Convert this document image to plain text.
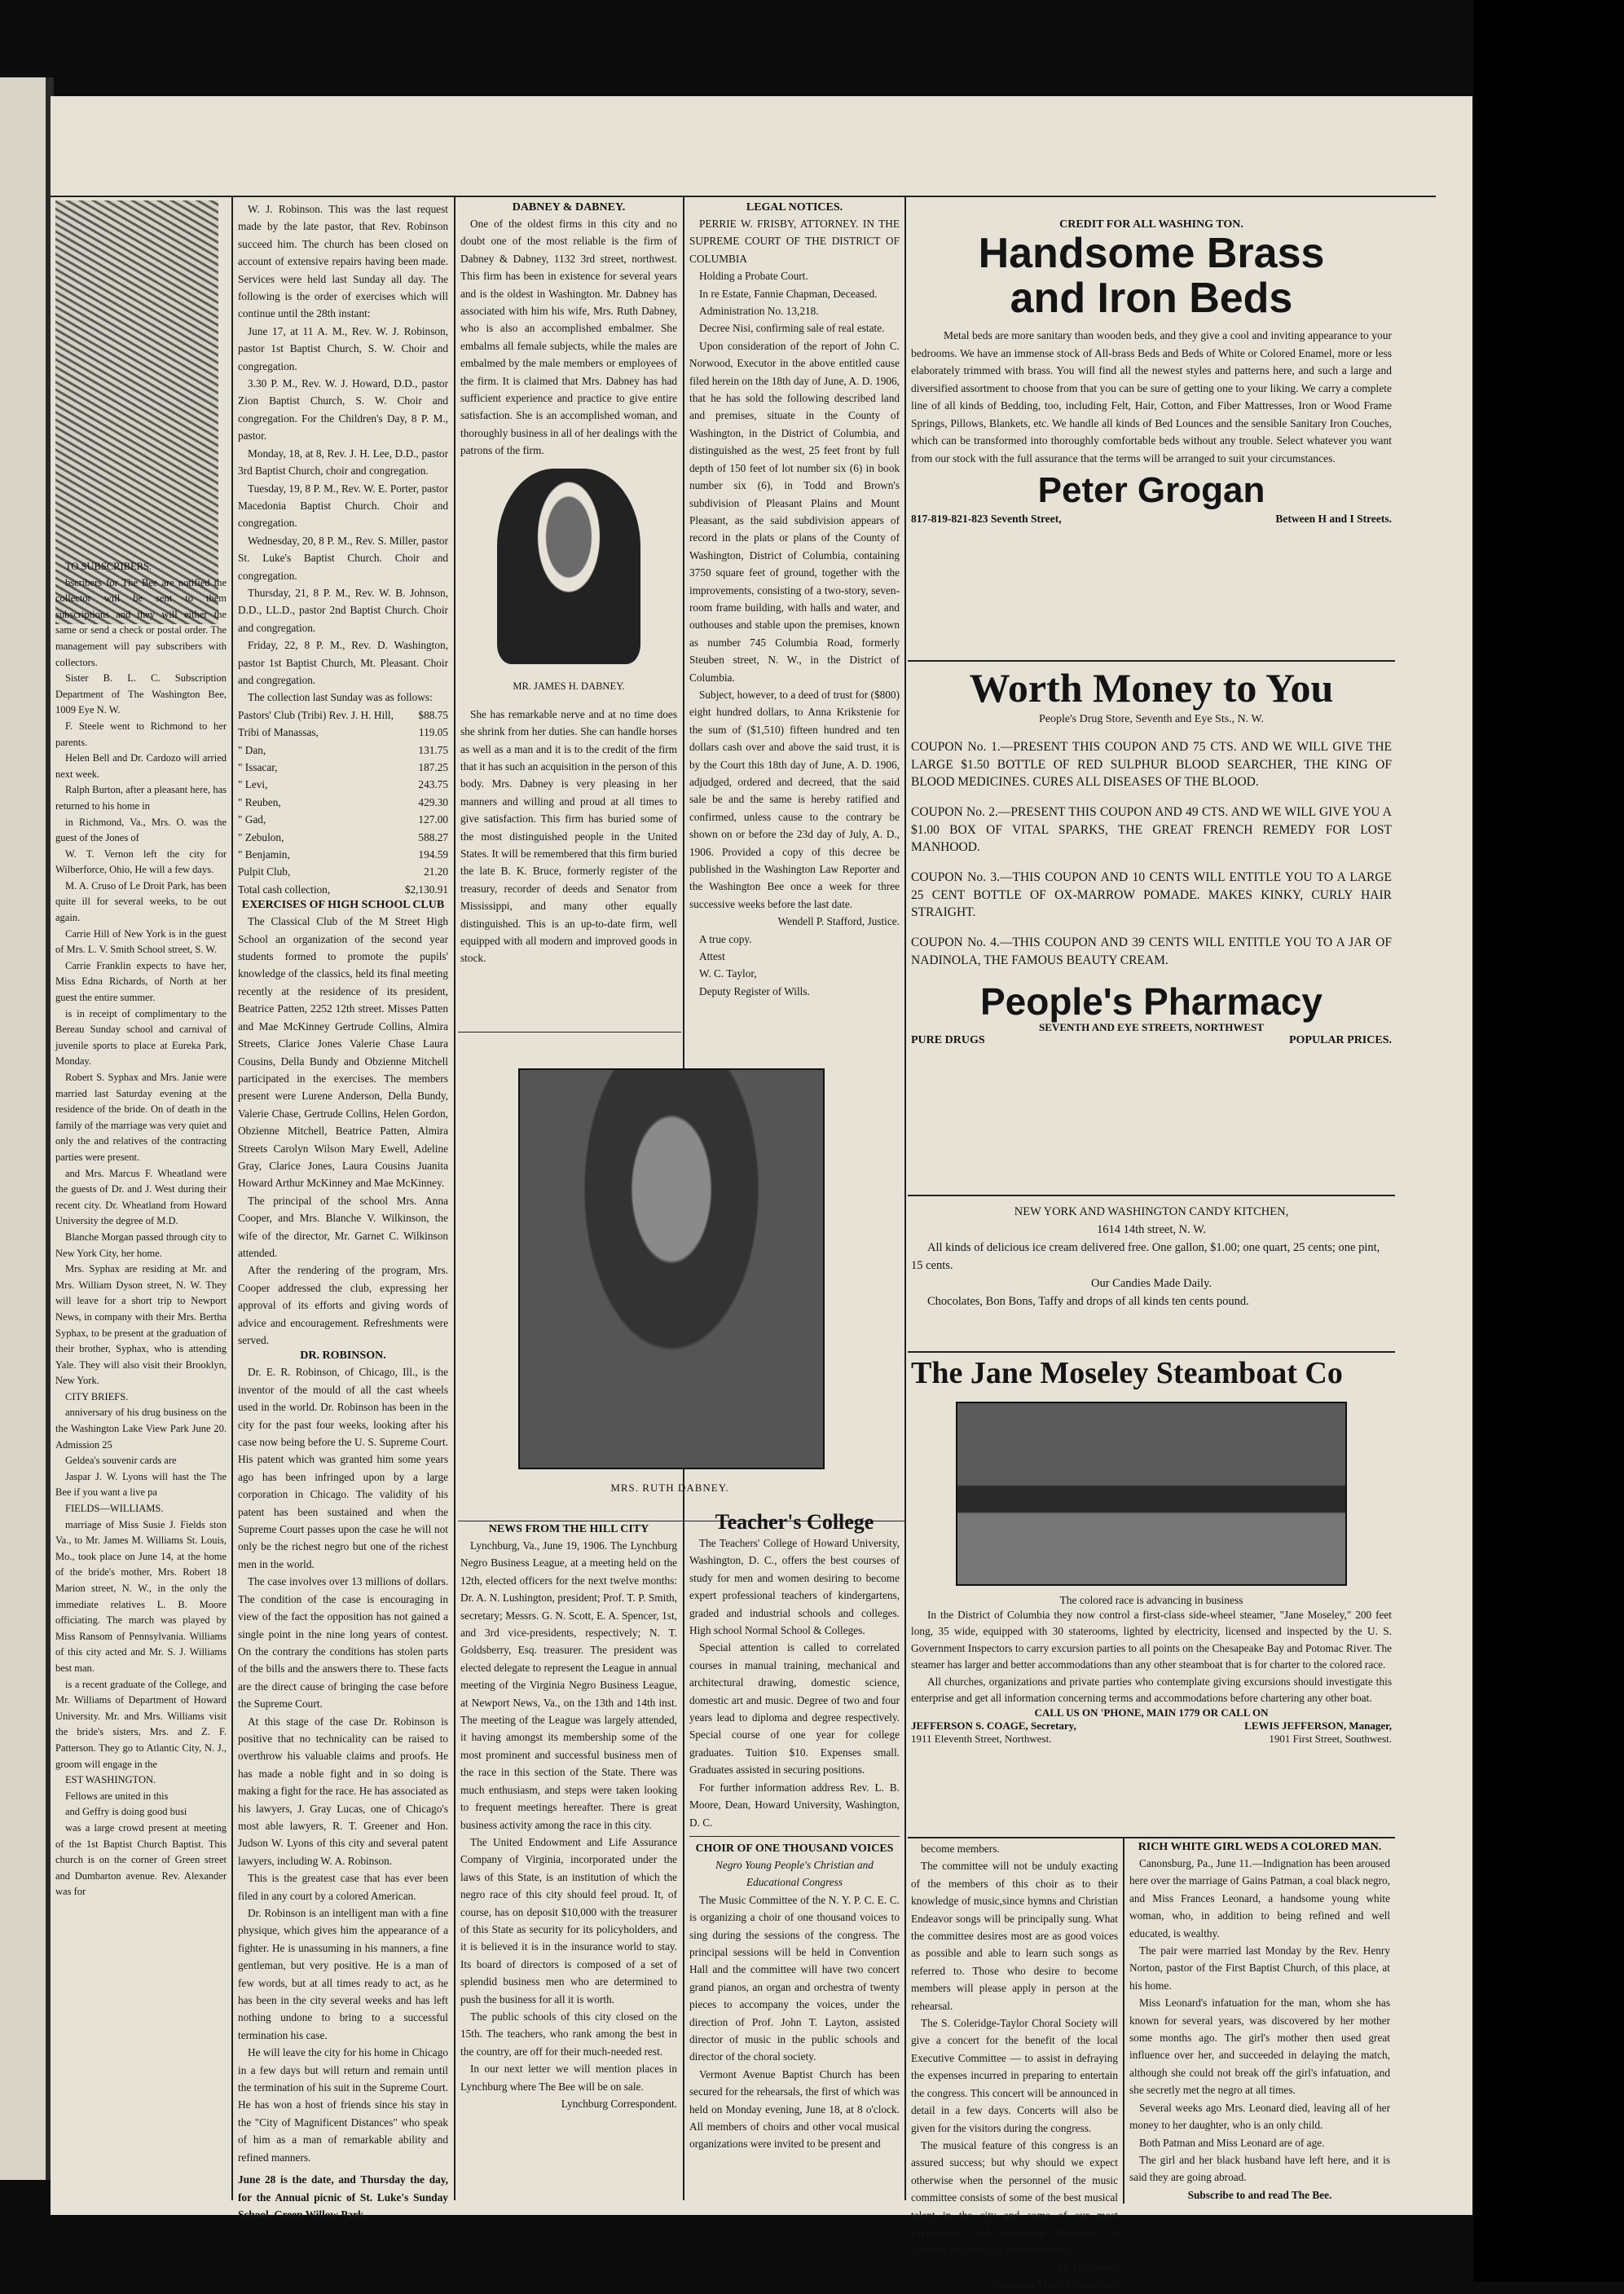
TO SUBSCRIBERS.

bscribers for The Bee are notified the collector will be sent to them subscriptions and they will either the same or send a check or postal order. The management will pay subscribers with collectors.

Sister B. L. C. Subscription Department of The Washington Bee, 1009 Eye N. W.

F. Steele went to Richmond to her parents.

Helen Bell and Dr. Cardozo will arried next week.

Ralph Burton, after a pleasant here, has returned to his home in

in Richmond, Va., Mrs. O. was the guest of the Jones of

W. T. Vernon left the city for Wilberforce, Ohio, He will a few days.

M. A. Cruso of Le Droit Park, has been quite ill for several weeks, to be out again.

Carrie Hill of New York is in the guest of Mrs. L. V. Smith School street, S. W.

Carrie Franklin expects to have her, Miss Edna Richards, of North at her guest the entire summer.

is in receipt of complimentary to the Bereau Sunday school and carnival of juvenile sports to place at Eureka Park, Monday.

Robert S. Syphax and Mrs. Janie were married last Saturday evening at the residence of the bride. On of death in the family of the marriage was very quiet and only the and relatives of the contracting parties were present.

and Mrs. Marcus F. Wheatland were the guests of Dr. and J. West during their recent city. Dr. Wheatland from Howard University the degree of M.D.

Blanche Morgan passed through city to New York City, her home.

Mrs. Syphax are residing at Mr. and Mrs. William Dyson street, N. W. They will leave for a short trip to Newport News, in company with their Mrs. Bertha Syphax, to be present at the graduation of their brother, Syphax, who is attending Yale. They will also visit their Brooklyn, New York.

CITY BRIEFS.

anniversary of his drug business on the the Washington Lake View Park June 20. Admission 25

Geldea's souvenir cards are

Jaspar J. W. Lyons will hast the The Bee if you want a live pa

FIELDS—WILLIAMS.

marriage of Miss Susie J. Fields ston Va., to Mr. James M. Williams St. Louis, Mo., took place on June 14, at the home of the bride's mother, Mrs. Robert 18 Marion street, N. W., in the only the immediate relatives L. B. Moore officiating. The march was played by Miss Ransom of Pennsylvania. Williams of this city acted and Mr. S. J. Williams best man.

is a recent graduate of the College, and Mr. Williams of Department of Howard University. Mr. and Mrs. Williams visit the bride's sisters, Mrs. and Z. F. Patterson. They go to Atlantic City, N. J., groom will engage in the

EST WASHINGTON.

Fellows are united in this

and Geffry is doing good busi

was a large crowd present at meeting of the 1st Baptist Church Baptist. This church is on the corner of Green street and Dumbarton avenue. Rev. Alexander was for

W. J. Robinson. This was the last request made by the late pastor, that Rev. Robinson succeed him. The church has been closed on account of extensive repairs having been made. Services were held last Sunday all day. The following is the order of exercises which will continue until the 28th instant:

June 17, at 11 A. M., Rev. W. J. Robinson, pastor 1st Baptist Church, S. W. Choir and congregation.

3.30 P. M., Rev. W. J. Howard, D.D., pastor Zion Baptist Church, S. W. Choir and congregation. For the Children's Day, 8 P. M., pastor.

Monday, 18, at 8, Rev. J. H. Lee, D.D., pastor 3rd Baptist Church, choir and congregation.

Tuesday, 19, 8 P. M., Rev. W. E. Porter, pastor Macedonia Baptist Church. Choir and congregation.

Wednesday, 20, 8 P. M., Rev. S. Miller, pastor St. Luke's Baptist Church. Choir and congregation.

Thursday, 21, 8 P. M., Rev. W. B. Johnson, D.D., LL.D., pastor 2nd Baptist Church. Choir and congregation.

Friday, 22, 8 P. M., Rev. D. Washington, pastor 1st Baptist Church, Mt. Pleasant. Choir and congregation.

The collection last Sunday was as follows:

Pastors' Club (Tribi) Rev. J. H. Hill,	$88.75
Tribi of Manassas,	119.05
" Dan,	131.75
" Issacar,	187.25
" Levi,	243.75
" Reuben,	429.30
" Gad,	127.00
" Zebulon,	588.27
" Benjamin,	194.59
Pulpit Club,	21.20
Total cash collection,	$2,130.91

EXERCISES OF HIGH SCHOOL CLUB

The Classical Club of the M Street High School an organization of the second year students formed to promote the pupils' knowledge of the classics, held its final meeting recently at the residence of its president, Beatrice Patten, 2252 12th street. Misses Patten and Mae McKinney Gertrude Collins, Almira Streets, Clarice Jones Valerie Chase Laura Cousins, Della Bundy and Obzienne Mitchell participated in the exercises. The members present were Lurene Anderson, Della Bundy, Valerie Chase, Gertrude Collins, Helen Gordon, Obzienne Mitchell, Beatrice Patten, Almira Streets Carolyn Wilson Mary Ewell, Adeline Gray, Clarice Jones, Laura Cousins Juanita Howard Arthur McKinney and Mae McKinney.

The principal of the school Mrs. Anna Cooper, and Mrs. Blanche V. Wilkinson, the wife of the director, Mr. Garnet C. Wilkinson attended.

After the rendering of the program, Mrs. Cooper addressed the club, expressing her approval of its efforts and giving words of advice and encouragement. Refreshments were served.

DR. ROBINSON.

Dr. E. R. Robinson, of Chicago, Ill., is the inventor of the mould of all the cast wheels used in the world. Dr. Robinson has been in the city for the past four weeks, looking after his case now being before the U. S. Supreme Court. His patent which was granted him some years ago has been infringed upon by a large corporation in Chicago. The validity of his patent has been sustained and when the Supreme Court passes upon the case he will not only be the richest negro but one of the richest men in the world.

The case involves over 13 millions of dollars. The condition of the case is encouraging in view of the fact the opposition has not gained a single point in the nine long years of contest. On the contrary the conditions has stolen parts of the bills and the answers there to. These facts are the direct cause of bringing the case before the Supreme Court.

At this stage of the case Dr. Robinson is positive that no technicality can be raised to overthrow his valuable claims and proofs. He has made a noble fight and in so doing is making a fight for the race. He has associated as his lawyers, J. Gray Lucas, one of Chicago's most able lawyers, R. T. Greener and Hon. Judson W. Lyons of this city and several patent lawyers, including W. A. Robinson.

This is the greatest case that has ever been filed in any court by a colored American.

Dr. Robinson is an intelligent man with a fine physique, which gives him the appearance of a fighter. He is unassuming in his manners, a fine gentleman, but very positive. He is a man of few words, but at all times ready to act, as he has been in the city several weeks and has left nothing undone to bring to a successful termination his case.

He will leave the city for his home in Chicago in a few days but will return and remain until the termination of his suit in the Supreme Court. He has won a host of friends since his stay in the "City of Magnificent Distances" who speak of him as a man of remarkable ability and refined manners.

June 28 is the date, and Thursday the day, for the Annual picnic of St. Luke's Sunday School. Green Willow Park.

DABNEY & DABNEY.

One of the oldest firms in this city and no doubt one of the most reliable is the firm of Dabney & Dabney, 1132 3rd street, northwest. This firm has been in existence for several years and is the oldest in Washington. Mr. Dabney has associated with him his wife, Mrs. Ruth Dabney, who is also an accomplished embalmer. She embalms all female subjects, while the males are embalmed by the male members or employees of the firm. It is claimed that Mrs. Dabney has had sufficient experience and practice to give entire satisfaction. She is an accomplished woman, and thoroughly business in all of her dealings with the patrons of the firm.

MR. JAMES H. DABNEY.

She has remarkable nerve and at no time does she shrink from her duties. She can handle horses as well as a man and it is to the credit of the firm that it has such an acquisition in the person of this body. Mrs. Dabney is very pleasing in her manners and willing and proud at all times to give satisfaction. This firm has buried some of the most distinguished people in the United States. It will be remembered that this firm buried the late B. K. Bruce, formerly register of the treasury, recorder of deeds and Senator from Mississippi, and many other equally distinguished. This is an up-to-date firm, well equipped with all modern and improved goods in stock.

MRS. RUTH DABNEY.

NEWS FROM THE HILL CITY

Lynchburg, Va., June 19, 1906. The Lynchburg Negro Business League, at a meeting held on the 12th, elected officers for the next twelve months: Dr. A. N. Lushington, president; Prof. T. P. Smith, secretary; Messrs. G. N. Scott, E. A. Spencer, 1st, and 3rd vice-presidents, respectively; N. T. Goldsberry, Esq. treasurer. The president was elected delegate to represent the League in annual meeting of the Virginia Negro Business League, at Newport News, Va., on the 13th and 14th inst. The meeting of the League was largely attended, it having amongst its membership some of the most prominent and successful business men of the race in this section of the State. There was much enthusiasm, and steps were taken looking to frequent meetings hereafter. There is great business activity among the race in this city.

The United Endowment and Life Assurance Company of Virginia, incorporated under the laws of this State, is an institution of which the negro race of this city should feel proud. It, of course, has on deposit $10,000 with the treasurer of this State as security for its policyholders, and it is believed it is in the insurance world to stay. Its board of directors is composed of a set of splendid business men who are determined to push the business for all it is worth.

The public schools of this city closed on the 15th. The teachers, who rank among the best in the country, are off for their much-needed rest.

In our next letter we will mention places in Lynchburg where The Bee will be on sale.

Lynchburg Correspondent.

LEGAL NOTICES.

PERRIE W. FRISBY, ATTORNEY. IN THE SUPREME COURT OF THE DISTRICT OF COLUMBIA

Holding a Probate Court.

In re Estate, Fannie Chapman, Deceased.

Administration No. 13,218.

Decree Nisi, confirming sale of real estate.

Upon consideration of the report of John C. Norwood, Executor in the above entitled cause filed herein on the 18th day of June, A. D. 1906, that he has sold the following described land and premises, situate in the County of Washington, in the District of Columbia, and distinguished as the west, 25 feet front by full depth of 150 feet of lot number six (6) in book number six (6), in Todd and Brown's subdivision of Pleasant Plains and Mount Pleasant, as the said subdivision appears of record in the plats or plans of the County of Washington, District of Columbia, containing 3750 square feet of ground, together with the improvements, consisting of a two-story, seven-room frame building, with halls and water, and outhouses and stable upon the premises, known as number 745 Columbia Road, formerly Steuben street, N. W., in the District of Columbia.

Subject, however, to a deed of trust for ($800) eight hundred dollars, to Anna Krikstenie for the sum of ($1,510) fifteen hundred and ten dollars cash over and above the said trust, it is by the Court this 18th day of June, A. D. 1906, adjudged, ordered and decreed, that the said sale be and the same is hereby ratified and confirmed, unless cause to the contrary be shown on or before the 23d day of July, A. D., 1906. Provided a copy of this decree be published in the Washington Law Reporter and the Washington Bee once a week for three successive weeks before the last date.

Wendell P. Stafford, Justice.

A true copy.

Attest

W. C. Taylor,

Deputy Register of Wills.

Teacher's College

The Teachers' College of Howard University, Washington, D. C., offers the best courses of study for men and women desiring to become expert professional teachers of kindergartens, graded and industrial schools and colleges. High school Normal School & Colleges.

Special attention is called to correlated courses in manual training, mechanical and architectural drawing, domestic science, domestic art and music. Degree of two and four years lead to diploma and degree respectively. Special course of one year for college graduates. Tuition $10. Expenses small. Graduates assisted in securing positions.

For further information address Rev. L. B. Moore, Dean, Howard University, Washington, D. C.

CHOIR OF ONE THOUSAND VOICES

Negro Young People's Christian and Educational Congress

The Music Committee of the N. Y. P. C. E. C. is organizing a choir of one thousand voices to sing during the sessions of the congress. The principal sessions will be held in Convention Hall and the committee will have two concert grand pianos, an organ and orchestra of twenty pieces to accompany the voices, under the direction of Prof. John T. Layton, assisted director of music in the public schools and director of the choral society.

Vermont Avenue Baptist Church has been secured for the rehearsals, the first of which was held on Monday evening, June 18, at 8 o'clock. All members of choirs and other vocal musical organizations were invited to be present and

CREDIT FOR ALL WASHING TON.
Handsome Brass
and Iron Beds
Metal beds are more sanitary than wooden beds, and they give a cool and inviting appearance to your bedrooms. We have an immense stock of All-brass Beds and Beds of White or Colored Enamel, more or less elaborately trimmed with brass. You will find all the newest styles and patterns here, and such a large and diversified assortment to choose from that you can be sure of getting one to your liking. We carry a complete line of all kinds of Bedding, too, including Felt, Hair, Cotton, and Fiber Mattresses, Iron or Wood Frame Springs, Pillows, Blankets, etc. We handle all kinds of Bed Lounces and the sensible Sanitary Iron Couches, which can be transformed into thoroughly comfortable beds without any trouble. Select whatever you want from our stock with the full assurance that the terms will be arranged to suit your circumstances.
Peter Grogan
817-819-821-823 Seventh Street,	Between H and I Streets.
Worth Money to You
People's Drug Store, Seventh and Eye Sts., N. W.

COUPON No. 1.—PRESENT THIS COUPON AND 75 CTS. AND WE WILL GIVE THE LARGE $1.50 BOTTLE OF RED SULPHUR BLOOD SEARCHER, THE KING OF BLOOD MEDICINES. CURES ALL DISEASES OF THE BLOOD.

COUPON No. 2.—PRESENT THIS COUPON AND 49 CTS. AND WE WILL GIVE YOU A $1.00 BOX OF VITAL SPARKS, THE GREAT FRENCH REMEDY FOR LOST MANHOOD.

COUPON No. 3.—THIS COUPON AND 10 CENTS WILL ENTITLE YOU TO A LARGE 25 CENT BOTTLE OF OX-MARROW POMADE. MAKES KINKY, CURLY HAIR STRAIGHT.

COUPON No. 4.—THIS COUPON AND 39 CENTS WILL ENTITLE YOU TO A JAR OF NADINOLA, THE FAMOUS BEAUTY CREAM.

People's Pharmacy
SEVENTH AND EYE STREETS, NORTHWEST
PURE DRUGS	POPULAR PRICES.
NEW YORK AND WASHINGTON CANDY KITCHEN,
1614 14th street, N. W.
All kinds of delicious ice cream delivered free. One gallon, $1.00; one quart, 25 cents; one pint, 15 cents.
Our Candies Made Daily.
Chocolates, Bon Bons, Taffy and drops of all kinds ten cents pound.
The Jane Moseley Steamboat Co
The colored race is advancing in business
In the District of Columbia they now control a first-class side-wheel steamer, "Jane Moseley," 200 feet long, 35 wide, equipped with 30 staterooms, lighted by electricity, licensed and inspected by the U. S. Government Inspectors to carry excursion parties to all points on the Chesapeake Bay and Potomac River. The steamer has larger and better accommodations than any other steamboat that is for charter to the colored race.
All churches, organizations and private parties who contemplate giving excursions should investigate this enterprise and get all information concerning terms and accommodations before chartering any other boat.
CALL US ON 'PHONE, MAIN 1779 OR CALL ON
JEFFERSON S. COAGE, Secretary,	LEWIS JEFFERSON, Manager,
1911 Eleventh Street, Northwest.	1901 First Street, Southwest.

become members.

The committee will not be unduly exacting of the members of this choir as to their knowledge of music,since hymns and Christian Endeavor songs will be principally sung. What the committee desires most are as good voices as possible and able to learn such songs as referred to. Those who desire to become members will please apply in person at the rehearsal.

The S. Coleridge-Taylor Choral Society will give a concert for the benefit of the local Executive Committee — to assist in defraying the expenses incurred in preparing to entertain the congress. This concert will be announced in detail in a few days. Concerts will also be given for the visitors during the congress.

The musical feature of this congress is an assured success; but why should we expect otherwise when the personnel of the music committee consists of some of the best musical talent in the city and some of our most experienced and successful managers of concerts and musical entertainments?

W. H. Conner

Chairman Music Committee.

RICH WHITE GIRL WEDS A COLORED MAN.

Canonsburg, Pa., June 11.—Indignation has been aroused here over the marriage of Gains Patman, a coal black negro, and Miss Frances Leonard, a handsome young white woman, who, in addition to being refined and well educated, is wealthy.

The pair were married last Monday by the Rev. Henry Norton, pastor of the First Baptist Church, of this place, at his home.

Miss Leonard's infatuation for the man, whom she has known for several years, was discovered by her mother some months ago. The girl's mother then used great influence over her, and succeeded in delaying the match, although she could not break off the girl's infatuation, and she secretly met the negro at all times.

Several weeks ago Mrs. Leonard died, leaving all of her money to her daughter, who is an only child.

Both Patman and Miss Leonard are of age.

The girl and her black husband have left here, and it is said they are going abroad.

Subscribe to and read The Bee.
